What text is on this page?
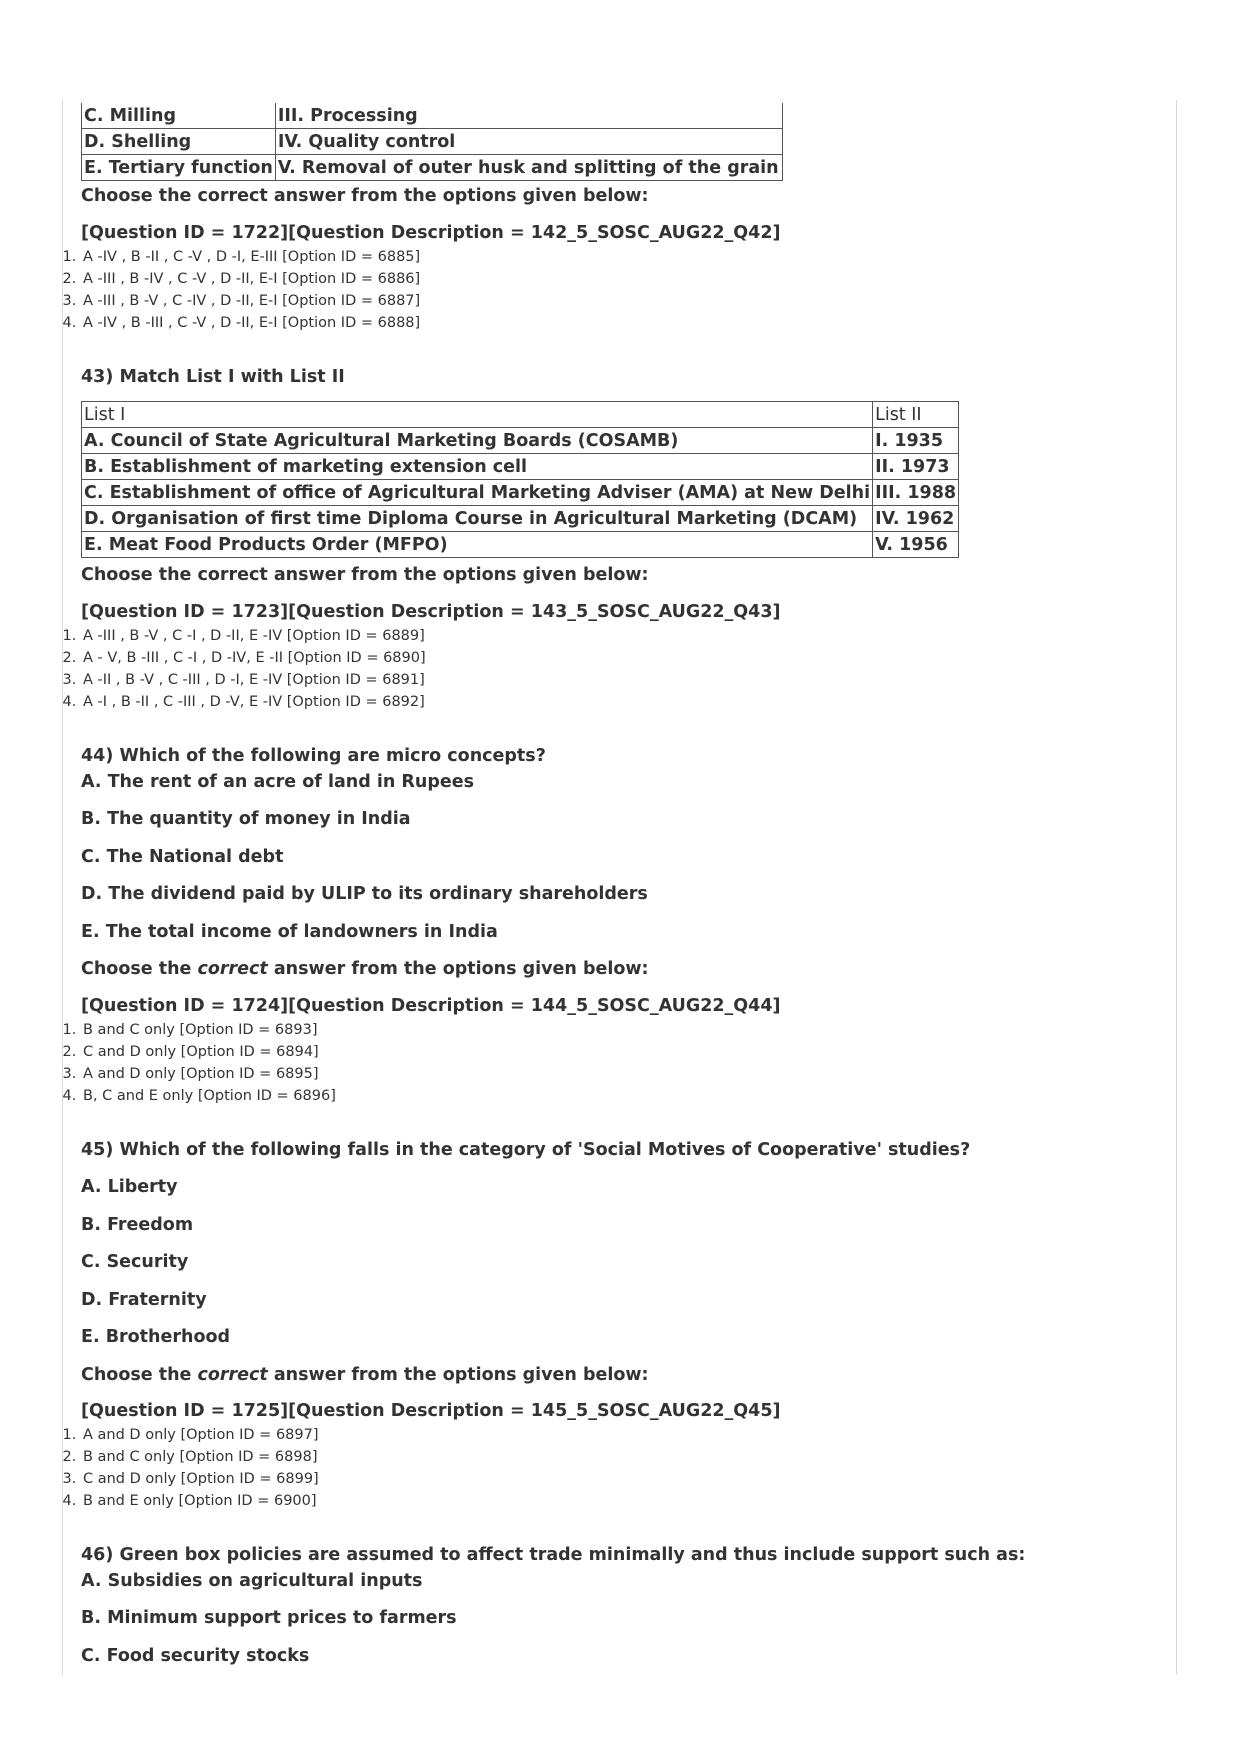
C. Milling	III. Processing
D. Shelling	IV. Quality control
E. Tertiary function	V. Removal of outer husk and splitting of the grain
Choose the correct answer from the options given below:
[Question ID = 1722][Question Description = 142_5_SOSC_AUG22_Q42]
1. A -IV , B -II , C -V , D -I, E-III [Option ID = 6885]
2. A -III , B -IV , C -V , D -II, E-I [Option ID = 6886]
3. A -III , B -V , C -IV , D -II, E-I [Option ID = 6887]
4. A -IV , B -III , C -V , D -II, E-I [Option ID = 6888]
43) Match List I with List II
List I	List II
A. Council of State Agricultural Marketing Boards (COSAMB)	I. 1935
B. Establishment of marketing extension cell	II. 1973
C. Establishment of office of Agricultural Marketing Adviser (AMA) at New Delhi	III. 1988
D. Organisation of first time Diploma Course in Agricultural Marketing (DCAM)	IV. 1962
E. Meat Food Products Order (MFPO)	V. 1956
Choose the correct answer from the options given below:
[Question ID = 1723][Question Description = 143_5_SOSC_AUG22_Q43]
1. A -III , B -V , C -I , D -II, E -IV [Option ID = 6889]
2. A - V, B -III , C -I , D -IV, E -II [Option ID = 6890]
3. A -II , B -V , C -III , D -I, E -IV [Option ID = 6891]
4. A -I , B -II , C -III , D -V, E -IV [Option ID = 6892]
44) Which of the following are micro concepts?
A. The rent of an acre of land in Rupees
B. The quantity of money in India
C. The National debt
D. The dividend paid by ULIP to its ordinary shareholders
E. The total income of landowners in India
Choose the correct answer from the options given below:
[Question ID = 1724][Question Description = 144_5_SOSC_AUG22_Q44]
1. B and C only [Option ID = 6893]
2. C and D only [Option ID = 6894]
3. A and D only [Option ID = 6895]
4. B, C and E only [Option ID = 6896]
45) Which of the following falls in the category of 'Social Motives of Cooperative' studies?
A. Liberty
B. Freedom
C. Security
D. Fraternity
E. Brotherhood
Choose the correct answer from the options given below:
[Question ID = 1725][Question Description = 145_5_SOSC_AUG22_Q45]
1. A and D only [Option ID = 6897]
2. B and C only [Option ID = 6898]
3. C and D only [Option ID = 6899]
4. B and E only [Option ID = 6900]
46) Green box policies are assumed to affect trade minimally and thus include support such as:
A. Subsidies on agricultural inputs
B. Minimum support prices to farmers
C. Food security stocks
